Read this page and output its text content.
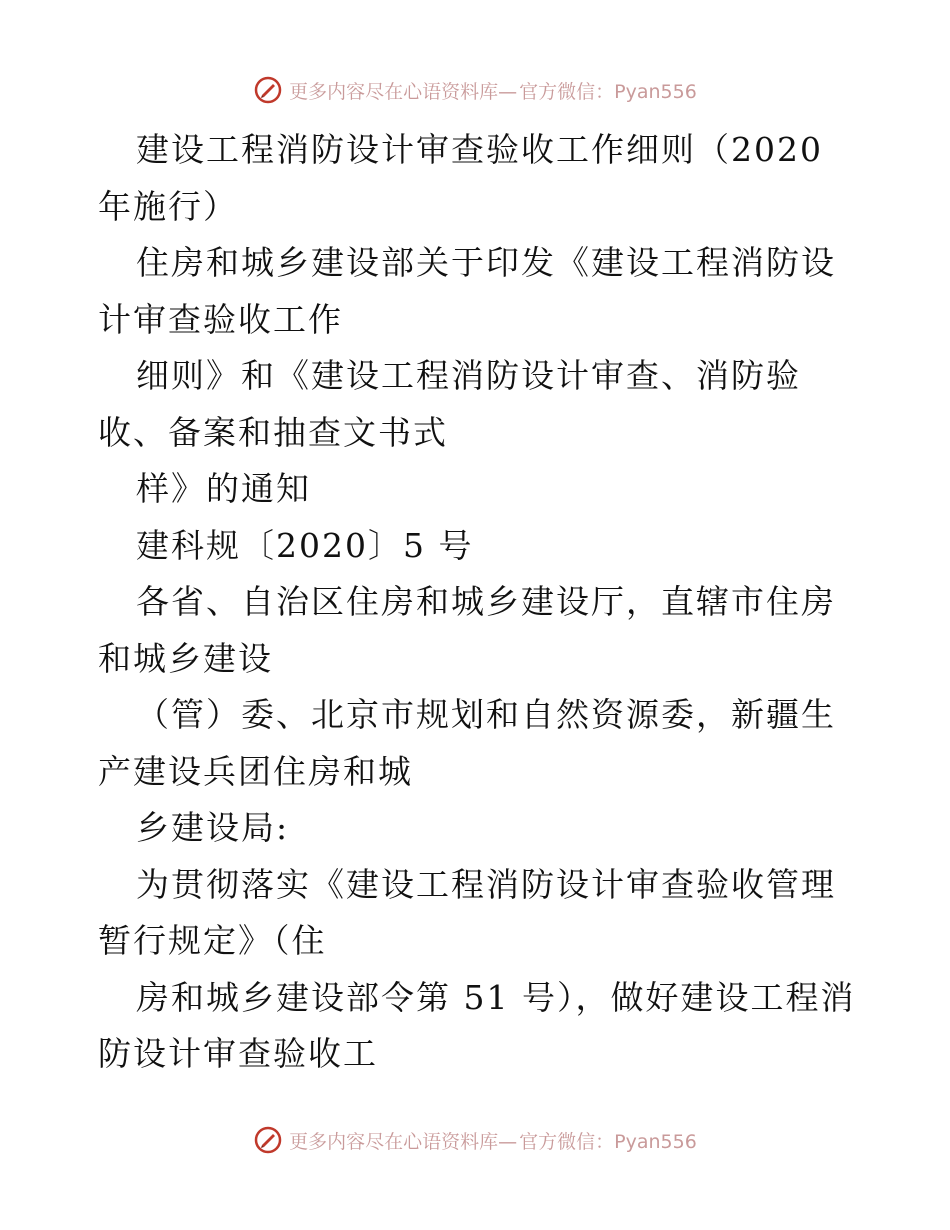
更多内容尽在心语资料库— 官方微信：Pyan556

建设工程消防设计审查验收工作细则（2020 年施行）

住房和城乡建设部关于印发《建设工程消防设计审查验收工作

细则》和《建设工程消防设计审查、消防验收、备案和抽查文书式

样》的通知

建科规〔2020〕5 号

各省、自治区住房和城乡建设厅，直辖市住房和城乡建设

（管）委、北京市规划和自然资源委，新疆生产建设兵团住房和城

乡建设局:

为贯彻落实《建设工程消防设计审查验收管理暂行规定》（住

房和城乡建设部令第 51 号），做好建设工程消防设计审查验收工

更多内容尽在心语资料库— 官方微信：Pyan556
